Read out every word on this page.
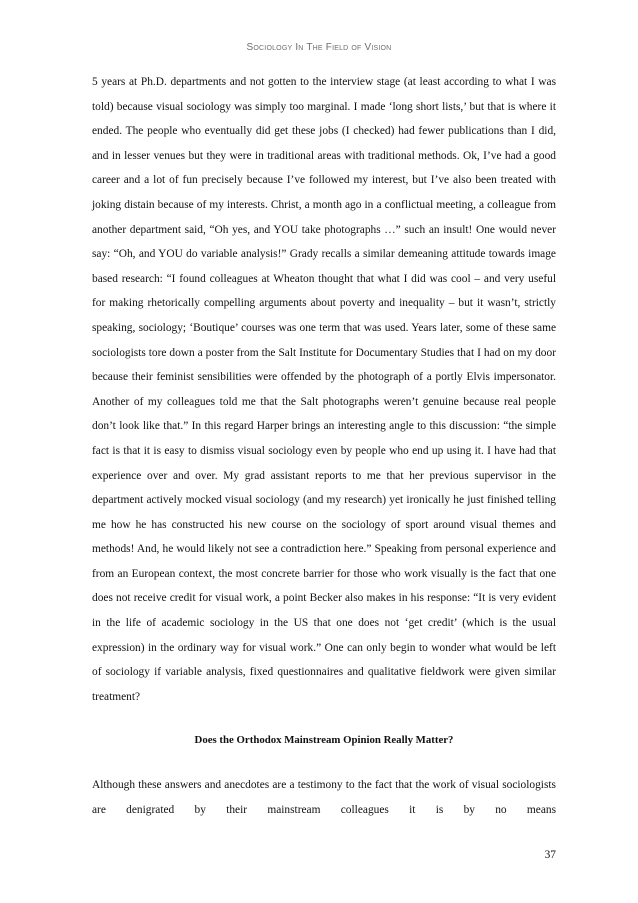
Sociology In The Field of Vision

5 years at Ph.D. departments and not gotten to the interview stage (at least according to what I was told) because visual sociology was simply too marginal. I made ‘long short lists,’ but that is where it ended. The people who eventually did get these jobs (I checked) had fewer publications than I did, and in lesser venues but they were in traditional areas with traditional methods. Ok, I’ve had a good career and a lot of fun precisely because I’ve followed my interest, but I’ve also been treated with joking distain because of my interests. Christ, a month ago in a conflictual meeting, a colleague from another department said, “Oh yes, and YOU take photographs …” such an insult! One would never say: “Oh, and YOU do variable analysis!” Grady recalls a similar demeaning attitude towards image based research: “I found colleagues at Wheaton thought that what I did was cool – and very useful for making rhetorically compelling arguments about poverty and inequality – but it wasn’t, strictly speaking, sociology; ‘Boutique’ courses was one term that was used. Years later, some of these same sociologists tore down a poster from the Salt Institute for Documentary Studies that I had on my door because their feminist sensibilities were offended by the photograph of a portly Elvis impersonator. Another of my colleagues told me that the Salt photographs weren’t genuine because real people don’t look like that.” In this regard Harper brings an interesting angle to this discussion: “the simple fact is that it is easy to dismiss visual sociology even by people who end up using it. I have had that experience over and over. My grad assistant reports to me that her previous supervisor in the department actively mocked visual sociology (and my research) yet ironically he just finished telling me how he has constructed his new course on the sociology of sport around visual themes and methods! And, he would likely not see a contradiction here.” Speaking from personal experience and from an European context, the most concrete barrier for those who work visually is the fact that one does not receive credit for visual work, a point Becker also makes in his response: “It is very evident in the life of academic sociology in the US that one does not ‘get credit’ (which is the usual expression) in the ordinary way for visual work.” One can only begin to wonder what would be left of sociology if variable analysis, fixed questionnaires and qualitative fieldwork were given similar treatment?

Does the Orthodox Mainstream Opinion Really Matter?

Although these answers and anecdotes are a testimony to the fact that the work of visual sociologists are denigrated by their mainstream colleagues it is by no means

37
